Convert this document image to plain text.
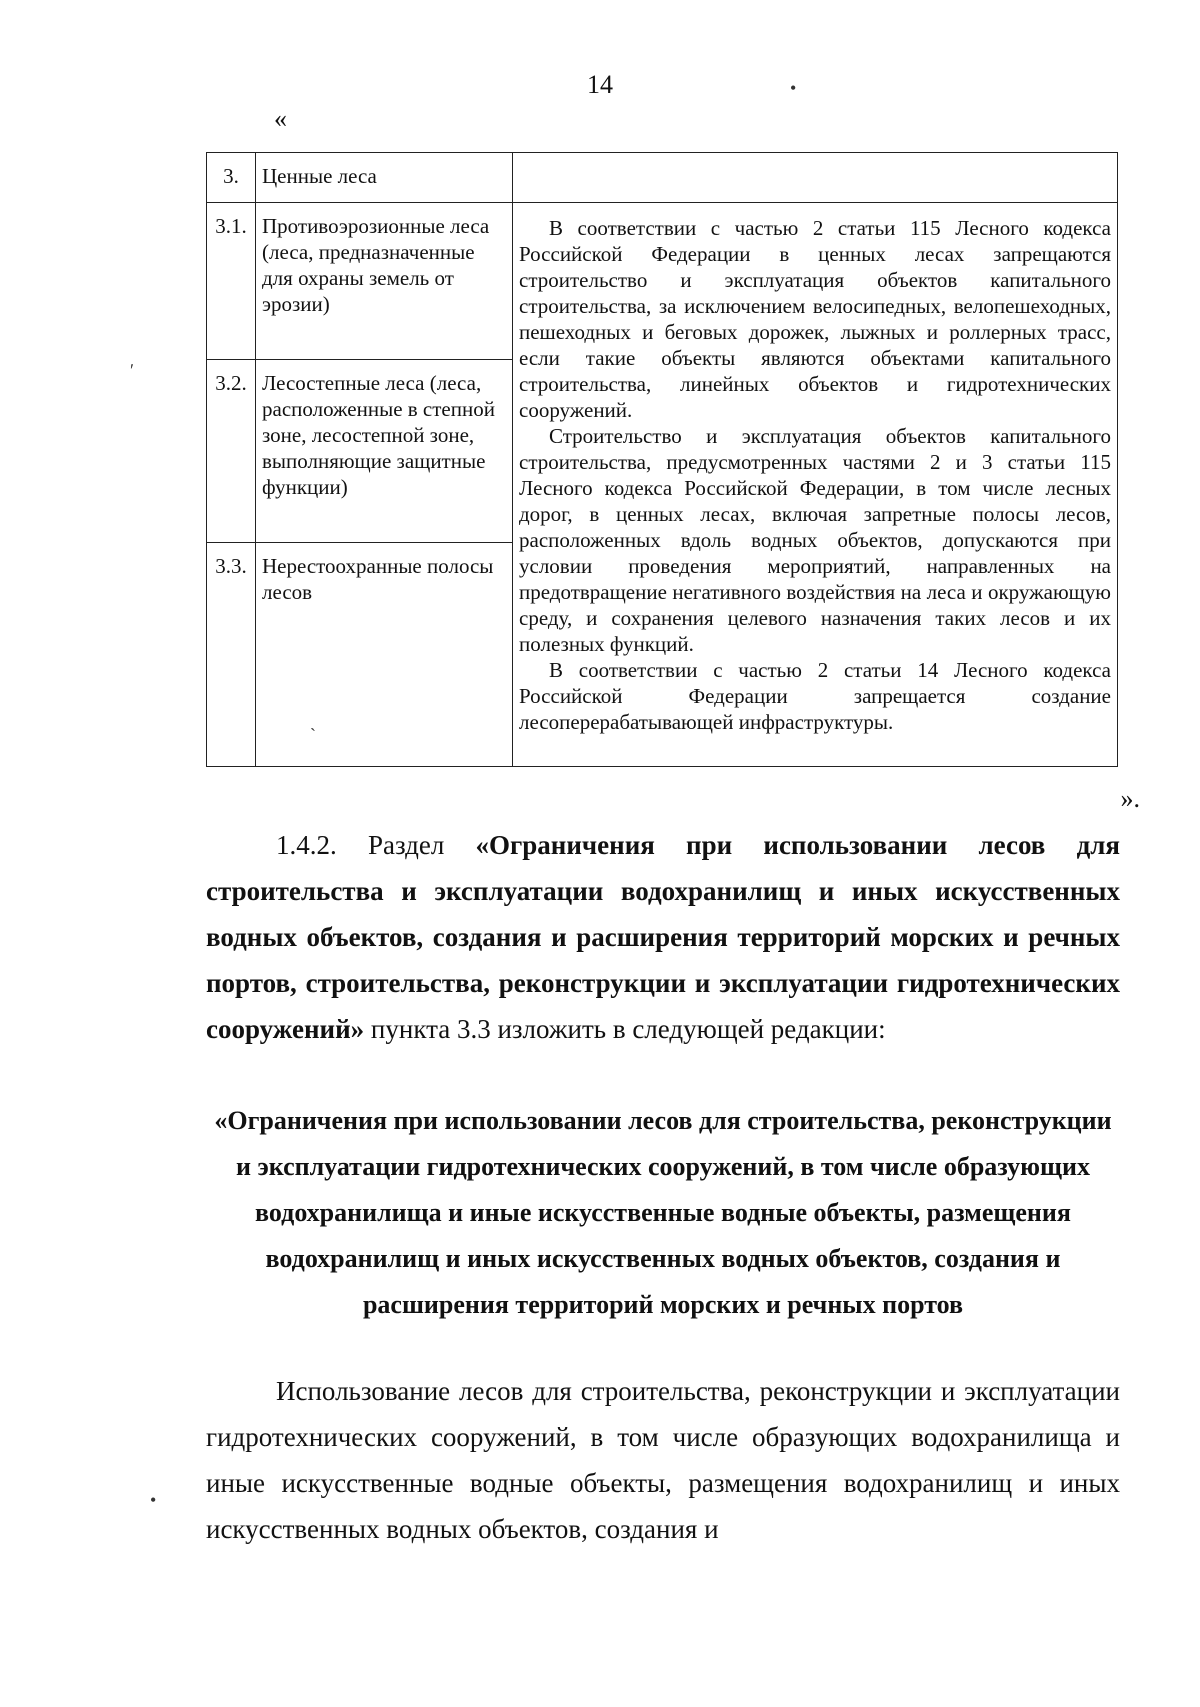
14
«
3.	Ценные леса	
3.1.	Противоэрозионные леса (леса, предназначенные для охраны земель от эрозии)	В соответствии с частью 2 статьи 115 Лесного кодекса Российской Федерации в ценных лесах запрещаются строительство и эксплуатация объектов капитального строительства, за исключением велосипедных, велопешеходных, пешеходных и беговых дорожек, лыжных и роллерных трасс, если такие объекты являются объектами капитального строительства, линейных объектов и гидротехнических сооружений.

Строительство и эксплуатация объектов капитального строительства, предусмотренных частями 2 и 3 статьи 115 Лесного кодекса Российской Федерации, в том числе лесных дорог, в ценных лесах, включая запретные полосы лесов, расположенных вдоль водных объектов, допускаются при условии проведения мероприятий, направленных на предотвращение негативного воздействия на леса и окружающую среду, и сохранения целевого назначения таких лесов и их полезных функций.

В соответствии с частью 2 статьи 14 Лесного кодекса Российской Федерации запрещается создание лесоперерабатывающей инфраструктуры.

3.2.	Лесостепные леса (леса, расположенные в степной зоне, лесостепной зоне, выполняющие защитные функции)	
3.3.	Нерестоохранные полосы лесов	
».

1.4.2. Раздел «Ограничения при использовании лесов для строительства и эксплуатации водохранилищ и иных искусственных водных объектов, создания и расширения территорий морских и речных портов, строительства, реконструкции и эксплуатации гидротехнических сооружений» пункта 3.3 изложить в следующей редакции:

«Ограничения при использовании лесов для строительства, реконструкции и эксплуатации гидротехнических сооружений, в том числе образующих водохранилища и иные искусственные водные объекты, размещения водохранилищ и иных искусственных водных объектов, создания и расширения территорий морских и речных портов

Использование лесов для строительства, реконструкции и эксплуатации гидротехнических сооружений, в том числе образующих водохранилища и иные искусственные водные объекты, размещения водохранилищ и иных искусственных водных объектов, создания и

•
ʹ
ˋ
•
